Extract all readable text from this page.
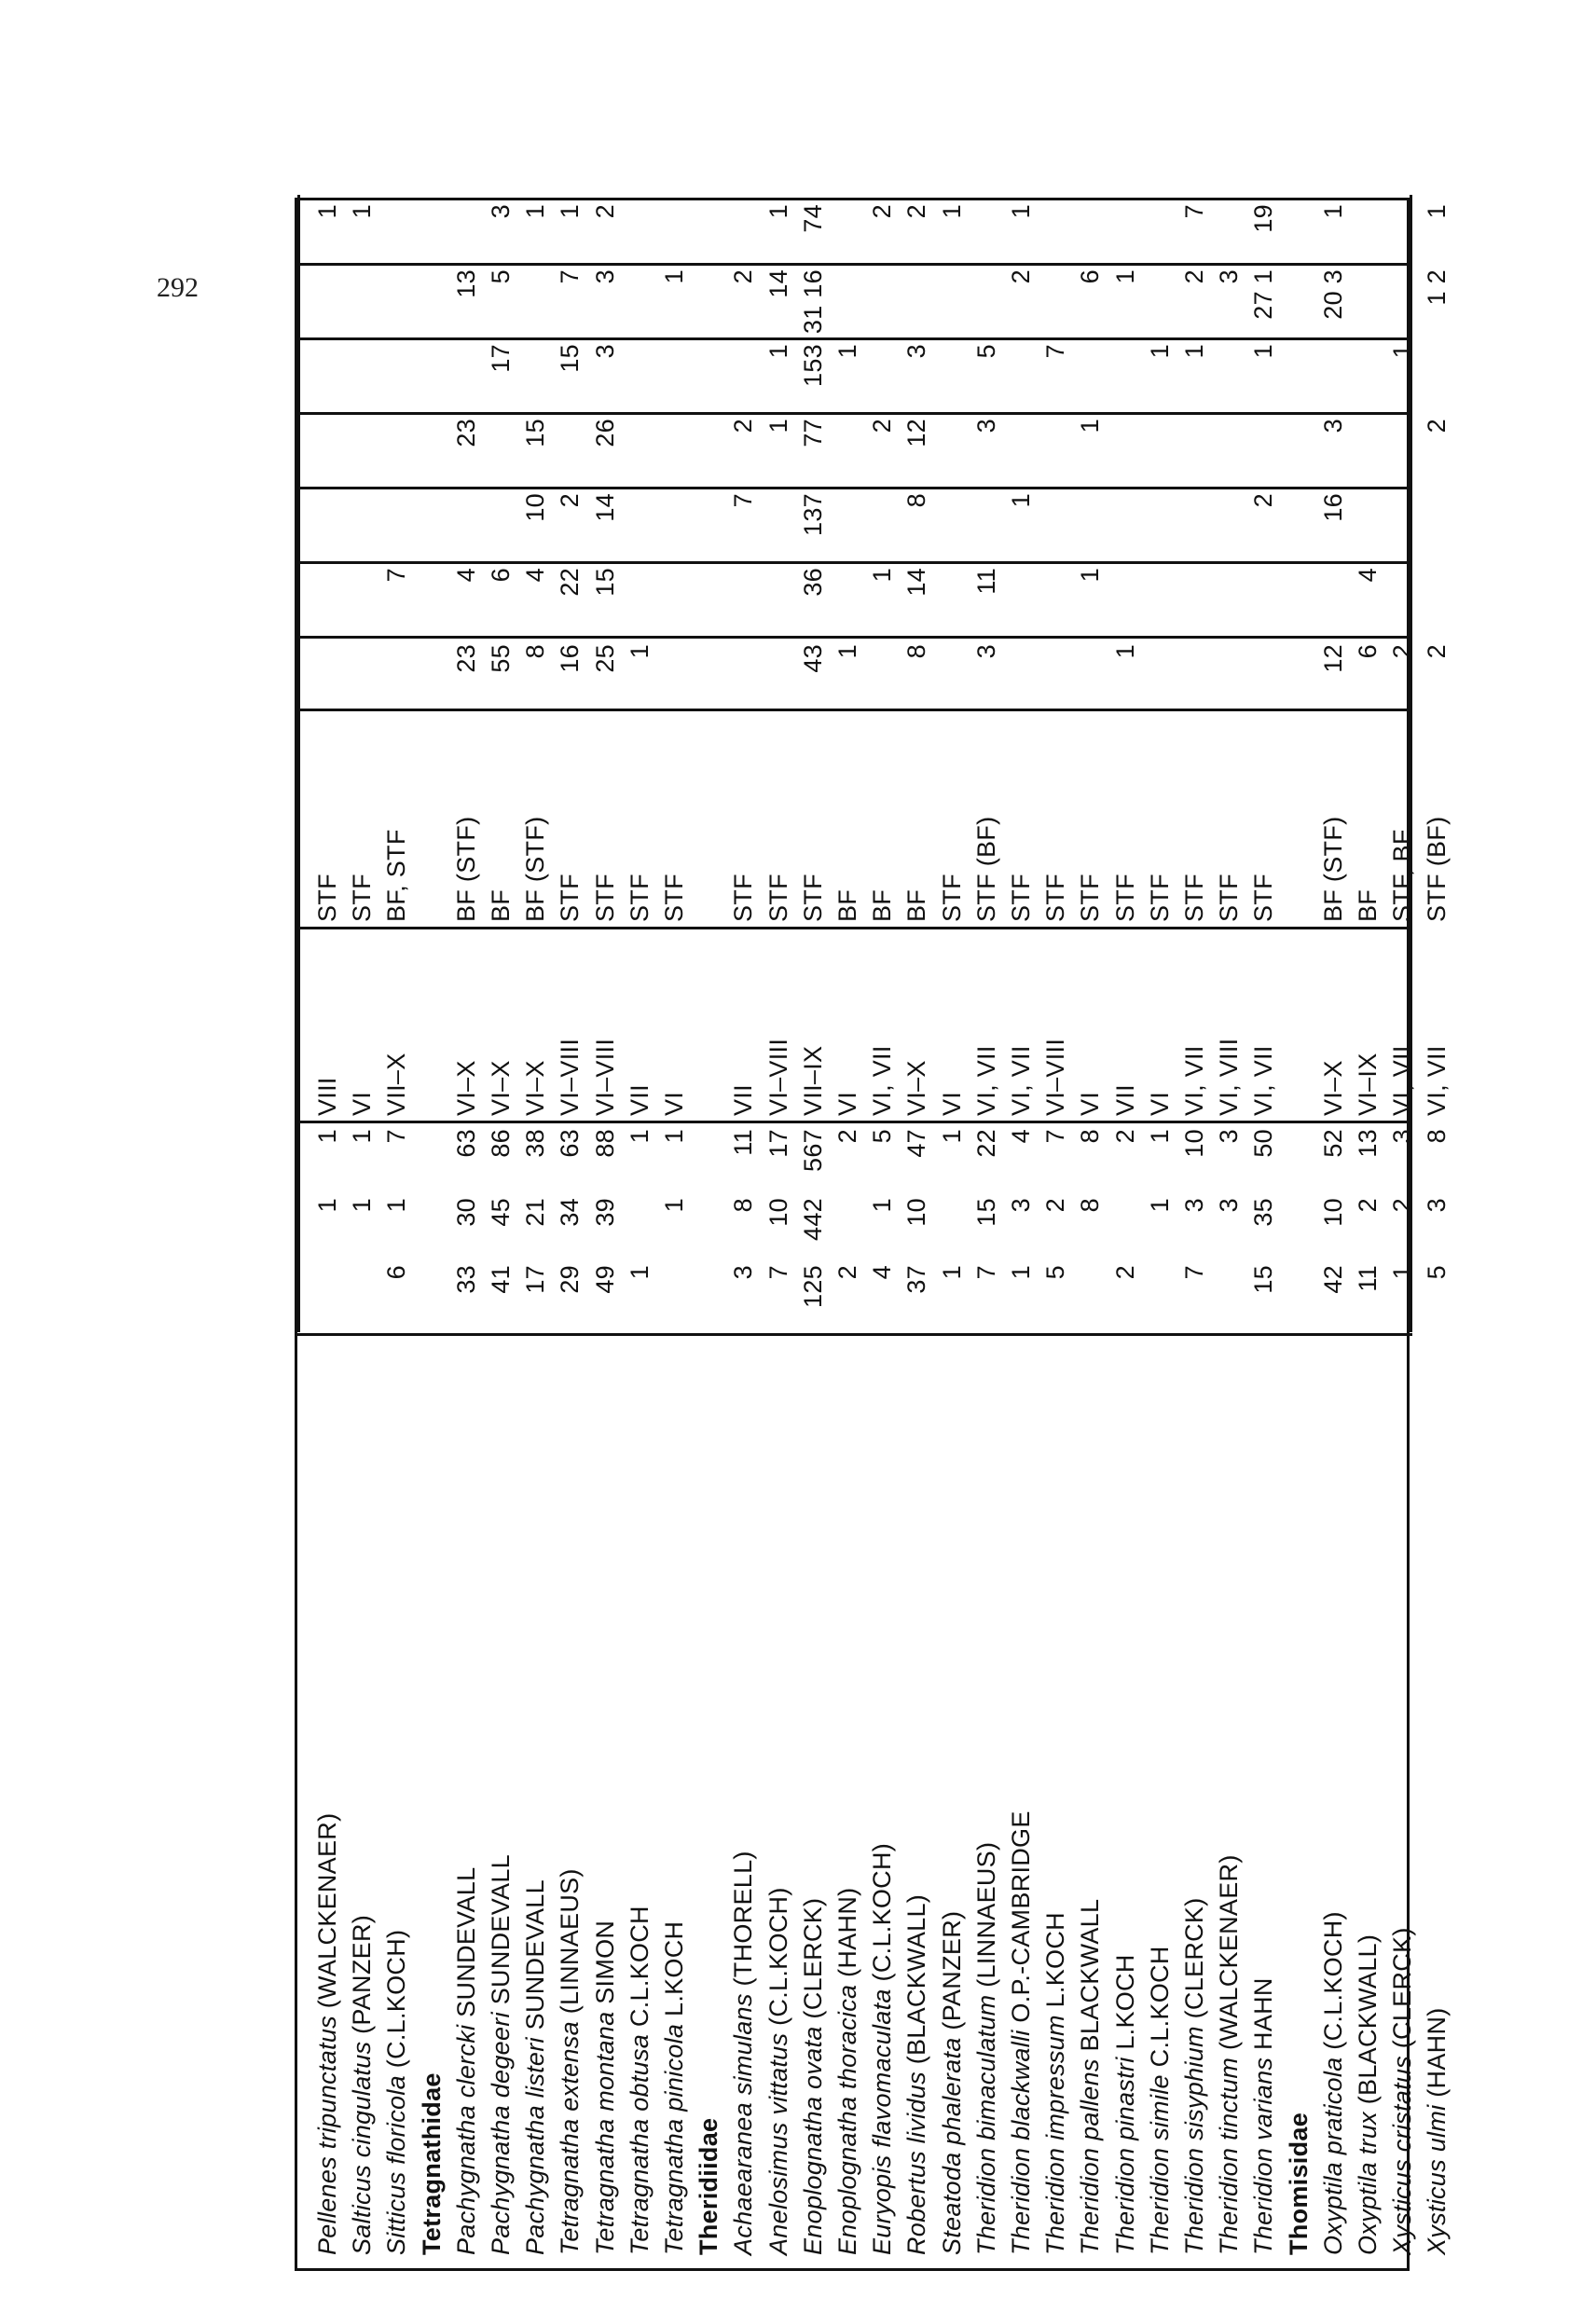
292
Pellenes tripunctatus (WALCKENAER)
1
1
VIII
STF
1
Salticus cingulatus (PANZER)
1
1
VI
STF
1
Sitticus floricola (C.L.KOCH)
6
1
7
VII–X
BF, STF
7
Tetragnathidae Pachygnatha clercki SUNDEVALL
33
30
63
VI–X
BF (STF)
23
4
23
13
Pachygnatha degeeri SUNDEVALL
41
45
86
VI–X
BF
55
6
17
5
3
Pachygnatha listeri SUNDEVALL
17
21
38
VI–X
BF (STF)
8
4
10
15
1
Tetragnatha extensa (LINNAEUS)
29
34
63
VI–VIII
STF
16
22
2
15
7
1
Tetragnatha montana SIMON
49
39
88
VI–VIII
STF
25
15
14
26
3
3
2
Tetragnatha obtusa C.L.KOCH
1
1
VII
STF
1
Tetragnatha pinicola L.KOCH
1
1
VI
STF
1
Theridiidae Achaearanea simulans (THORELL)
3
8
11
VII
STF
7
2
2
Anelosimus vittatus (C.L.KOCH)
7
10
17
VI–VIII
STF
1
1
14
1
Enoplognatha ovata (CLERCK)
125
442
567
VII–IX
STF
43
36
137
77
153
31 16
74
Enoplognatha thoracica (HAHN)
2
2
VI
BF
1
1
Euryopis flavomaculata (C.L.KOCH)
4
1
5
VI, VII
BF
1
2
2
Robertus lividus (BLACKWALL)
37
10
47
VI–X
BF
8
14
8
12
3
2
Steatoda phalerata (PANZER)
1
1
VI
STF
1
Theridion bimaculatum (LINNAEUS)
7
15
22
VI, VII
STF (BF)
3
11
3
5
Theridion blackwalli O.P.-CAMBRIDGE
1
3
4
VI, VII
STF
1
2
1
Theridion impressum L.KOCH
5
2
7
VI–VIII
STF
7
Theridion pallens BLACKWALL
8
8
VI
STF
1
1
6
Theridion pinastri L.KOCH
2
2
VII
STF
1
1
Theridion simile C.L.KOCH
1
1
VI
STF
1
Theridion sisyphium (CLERCK)
7
3
10
VI, VII
STF
1
2
7
Theridion tinctum (WALCKENAER)
3
3
VI, VIII
STF
3
Theridion varians HAHN
15
35
50
VI, VII
STF
2
1
27 1
19
Thomisidae Oxyptila praticola (C.L.KOCH)
42
10
52
VI–X
BF (STF)
12
16
3
20 3
1
Oxyptila trux (BLACKWALL)
11
2
13
VI–IX
BF
6
4
Xysticus cristatus (CLERCK)
1
2
3
VI, VII
STF, BF
2
1
Xysticus ulmi (HAHN)
5
3
8
VI, VII
STF (BF)
2
2
1 2
1
